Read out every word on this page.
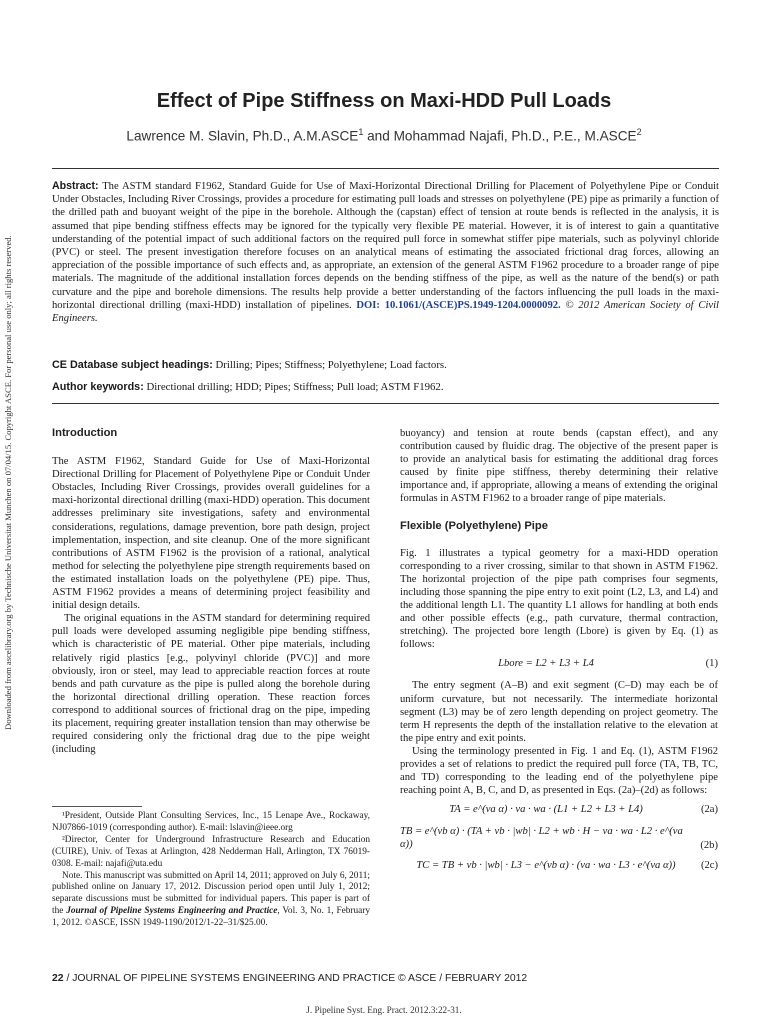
Downloaded from ascelibrary.org by Technische Universitat Munchen on 07/04/15. Copyright ASCE. For personal use only; all rights reserved.
Effect of Pipe Stiffness on Maxi-HDD Pull Loads
Lawrence M. Slavin, Ph.D., A.M.ASCE$^1$ and Mohammad Najafi, Ph.D., P.E., M.ASCE$^2$
Abstract: The ASTM standard F1962, Standard Guide for Use of Maxi-Horizontal Directional Drilling for Placement of Polyethylene Pipe or Conduit Under Obstacles, Including River Crossings, provides a procedure for estimating pull loads and stresses on polyethylene (PE) pipe as primarily a function of the drilled path and buoyant weight of the pipe in the borehole. Although the (capstan) effect of tension at route bends is reflected in the analysis, it is assumed that pipe bending stiffness effects may be ignored for the typically very flexible PE material. However, it is of interest to gain a quantitative understanding of the potential impact of such additional factors on the required pull force in somewhat stiffer pipe materials, such as polyvinyl chloride (PVC) or steel. The present investigation therefore focuses on an analytical means of estimating the associated frictional drag forces, allowing an appreciation of the possible importance of such effects and, as appropriate, an extension of the general ASTM F1962 procedure to a broader range of pipe materials. The magnitude of the additional installation forces depends on the bending stiffness of the pipe, as well as the nature of the bend(s) or path curvature and the pipe and borehole dimensions. The results help provide a better understanding of the factors influencing the pull loads in the maxi-horizontal directional drilling (maxi-HDD) installation of pipelines. DOI: 10.1061/(ASCE)PS.1949-1204.0000092. © 2012 American Society of Civil Engineers.
CE Database subject headings: Drilling; Pipes; Stiffness; Polyethylene; Load factors.
Author keywords: Directional drilling; HDD; Pipes; Stiffness; Pull load; ASTM F1962.

Introduction

The ASTM F1962, Standard Guide for Use of Maxi-Horizontal Directional Drilling for Placement of Polyethylene Pipe or Conduit Under Obstacles, Including River Crossings, provides overall guidelines for a maxi-horizontal directional drilling (maxi-HDD) operation. This document addresses preliminary site investigations, safety and environmental considerations, regulations, damage prevention, bore path design, project implementation, inspection, and site cleanup. One of the more significant contributions of ASTM F1962 is the provision of a rational, analytical method for selecting the polyethylene pipe strength requirements based on the estimated installation loads on the polyethylene (PE) pipe. Thus, ASTM F1962 provides a means of determining project feasibility and initial design details.

The original equations in the ASTM standard for determining required pull loads were developed assuming negligible pipe bending stiffness, which is characteristic of PE material. Other pipe materials, including relatively rigid plastics [e.g., polyvinyl chloride (PVC)] and more obviously, iron or steel, may lead to appreciable reaction forces at route bends and path curvature as the pipe is pulled along the borehole during the horizontal directional drilling operation. These reaction forces correspond to additional sources of frictional drag on the pipe, impeding its placement, requiring greater installation tension than may otherwise be required considering only the frictional drag due to the pipe weight (including

¹President, Outside Plant Consulting Services, Inc., 15 Lenape Ave., Rockaway, NJ07866-1019 (corresponding author). E-mail: lslavin@ieee.org

²Director, Center for Underground Infrastructure Research and Education (CUIRE), Univ. of Texas at Arlington, 428 Nedderman Hall, Arlington, TX 76019-0308. E-mail: najafi@uta.edu

Note. This manuscript was submitted on April 14, 2011; approved on July 6, 2011; published online on January 17, 2012. Discussion period open until July 1, 2012; separate discussions must be submitted for individual papers. This paper is part of the Journal of Pipeline Systems Engineering and Practice, Vol. 3, No. 1, February 1, 2012. ©ASCE, ISSN 1949-1190/2012/1-22–31/$25.00.

buoyancy) and tension at route bends (capstan effect), and any contribution caused by fluidic drag. The objective of the present paper is to provide an analytical basis for estimating the additional drag forces caused by finite pipe stiffness, thereby determining their relative importance and, if appropriate, allowing a means of extending the original formulas in ASTM F1962 to a broader range of pipe materials.

Flexible (Polyethylene) Pipe

Fig. 1 illustrates a typical geometry for a maxi-HDD operation corresponding to a river crossing, similar to that shown in ASTM F1962. The horizontal projection of the pipe path comprises four segments, including those spanning the pipe entry to exit point (L2, L3, and L4) and the additional length L1. The quantity L1 allows for handling at both ends and other possible effects (e.g., path curvature, thermal contraction, stretching). The projected bore length (Lbore) is given by Eq. (1) as follows:

Lbore = L2 + L3 + L4	(1)

The entry segment (A–B) and exit segment (C–D) may each be of uniform curvature, but not necessarily. The intermediate horizontal segment (L3) may be of zero length depending on project geometry. The term H represents the depth of the installation relative to the elevation at the pipe entry and exit points.

Using the terminology presented in Fig. 1 and Eq. (1), ASTM F1962 provides a set of relations to predict the required pull force (TA, TB, TC, and TD) corresponding to the leading end of the polyethylene pipe reaching point A, B, C, and D, as presented in Eqs. (2a)–(2d) as follows:

TA = e^(νa α) · νa · wa · (L1 + L2 + L3 + L4)	(2a)
TB = e^(νb α) · (TA + νb · |wb| · L2 + wb · H − νa · wa · L2 · e^(νa α))	(2b)
TC = TB + νb · |wb| · L3 − e^(νb α) · (νa · wa · L3 · e^(νa α))	(2c)
22 / JOURNAL OF PIPELINE SYSTEMS ENGINEERING AND PRACTICE © ASCE / FEBRUARY 2012
J. Pipeline Syst. Eng. Pract. 2012.3:22-31.
